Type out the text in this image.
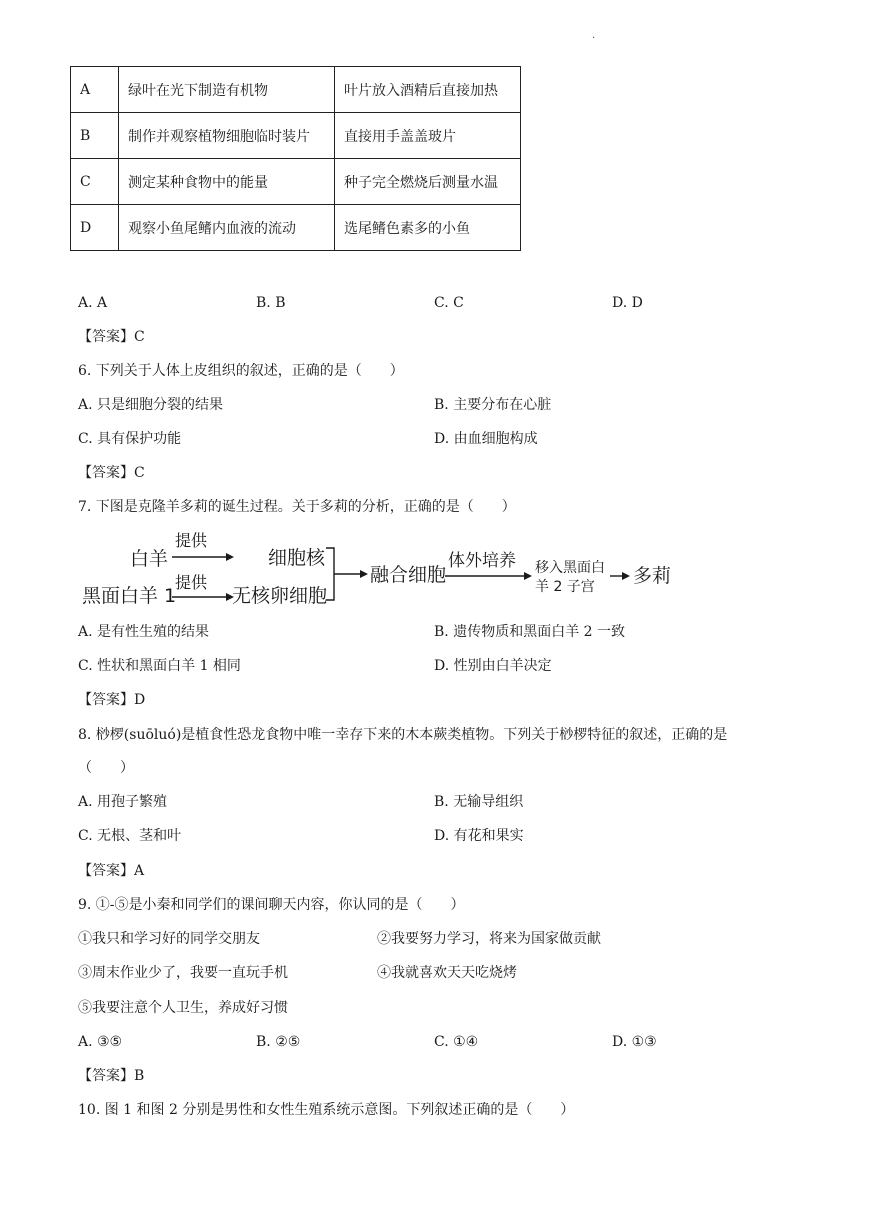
.
A	绿叶在光下制造有机物	叶片放入酒精后直接加热
B	制作并观察植物细胞临时装片	直接用手盖盖玻片
C	测定某种食物中的能量	种子完全燃烧后测量水温
D	观察小鱼尾鳍内血液的流动	选尾鳍色素多的小鱼
A. A	B. B	C. C	D. D
【答案】C
6. 下列关于人体上皮组织的叙述，正确的是（　　）
A. 只是细胞分裂的结果	B. 主要分布在心脏
C. 具有保护功能	D. 由血细胞构成
【答案】C
7. 下图是克隆羊多莉的诞生过程。关于多莉的分析，正确的是（　　）
白羊
提供
细胞核
黑面白羊 1
提供
无核卵细胞
融合细胞
体外培养 移入黑面白
羊 2 子宫 多莉
A. 是有性生殖的结果	B. 遗传物质和黑面白羊 2 一致
C. 性状和黑面白羊 1 相同	D. 性别由白羊决定
【答案】D
8. 桫椤(suōluó)是植食性恐龙食物中唯一幸存下来的木本蕨类植物。下列关于桫椤特征的叙述，正确的是
（　　）
A. 用孢子繁殖	B. 无输导组织
C. 无根、茎和叶	D. 有花和果实
【答案】A
9. ①-⑤是小秦和同学们的课间聊天内容，你认同的是（　　）
①我只和学习好的同学交朋友	②我要努力学习，将来为国家做贡献
③周末作业少了，我要一直玩手机	④我就喜欢天天吃烧烤
⑤我要注意个人卫生，养成好习惯
A. ③⑤	B. ②⑤	C. ①④	D. ①③
【答案】B
10. 图 1 和图 2 分别是男性和女性生殖系统示意图。下列叙述正确的是（　　）
